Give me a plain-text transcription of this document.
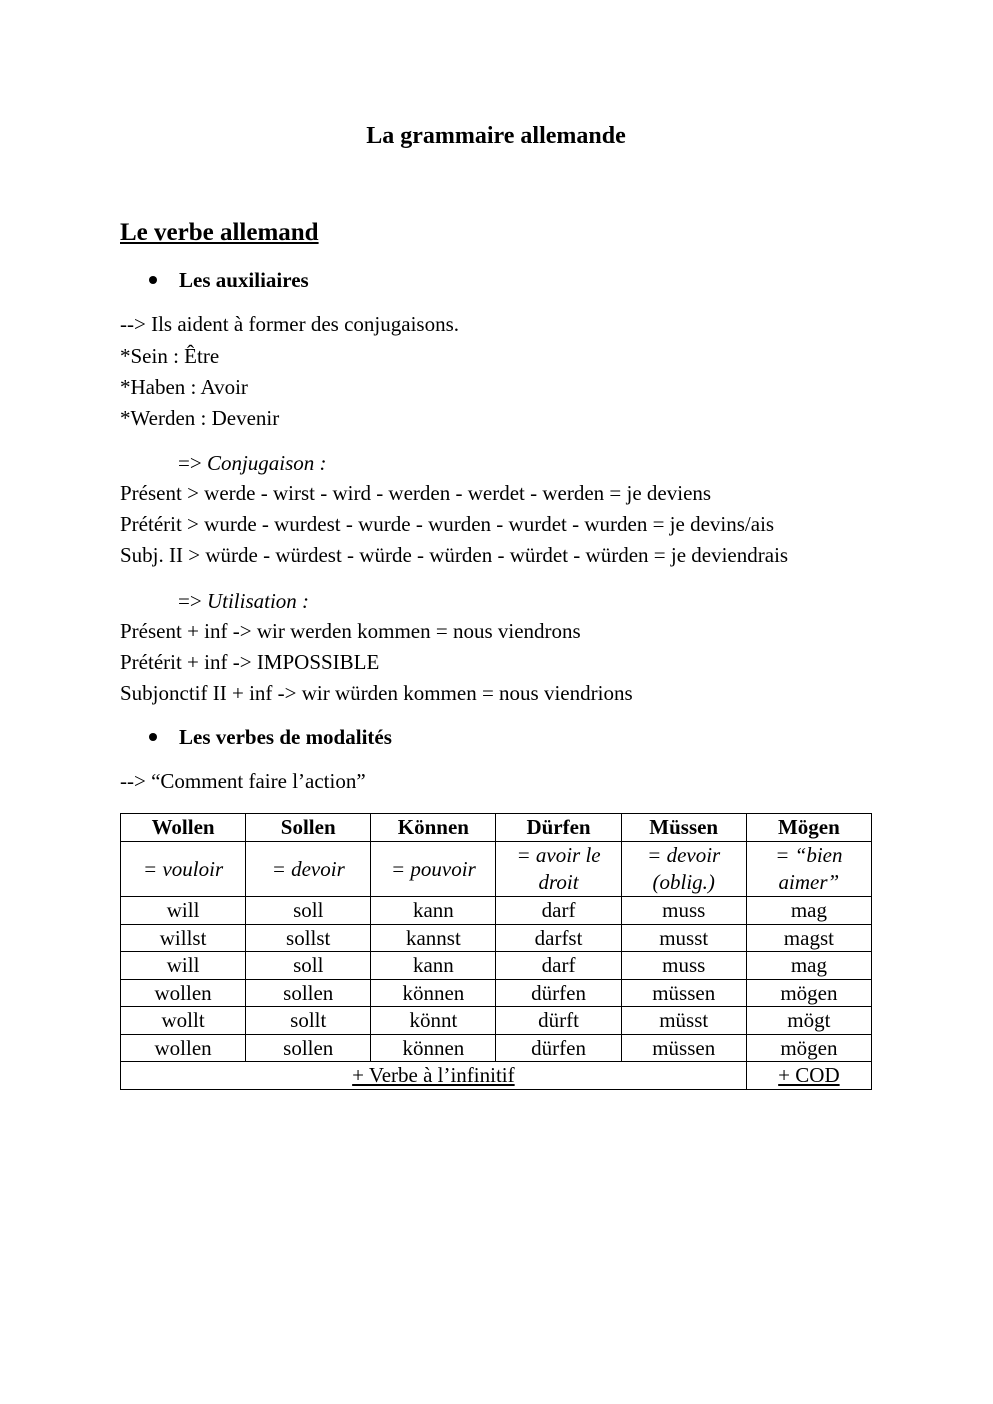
La grammaire allemande
Le verbe allemand
Les auxiliaires
--> Ils aident à former des conjugaisons.
*Sein : Être
*Haben : Avoir
*Werden : Devenir
=> Conjugaison :
Présent > werde - wirst - wird - werden - werdet - werden = je deviens
Prétérit > wurde - wurdest - wurde - wurden - wurdet - wurden = je devins/ais
Subj. II > würde - würdest - würde - würden - würdet - würden = je deviendrais
=> Utilisation :
Présent + inf -> wir werden kommen = nous viendrons
Prétérit + inf -> IMPOSSIBLE
Subjonctif II + inf -> wir würden kommen = nous viendrions
Les verbes de modalités
--> “Comment faire l’action”
Wollen	Sollen	Können	Dürfen	Müssen	Mögen
= vouloir	= devoir	= pouvoir	= avoir le droit	= devoir (oblig.)	= “bien aimer”
will	soll	kann	darf	muss	mag
willst	sollst	kannst	darfst	musst	magst
will	soll	kann	darf	muss	mag
wollen	sollen	können	dürfen	müssen	mögen
wollt	sollt	könnt	dürft	müsst	mögt
wollen	sollen	können	dürfen	müssen	mögen
+ Verbe à l’infinitif					+ COD
